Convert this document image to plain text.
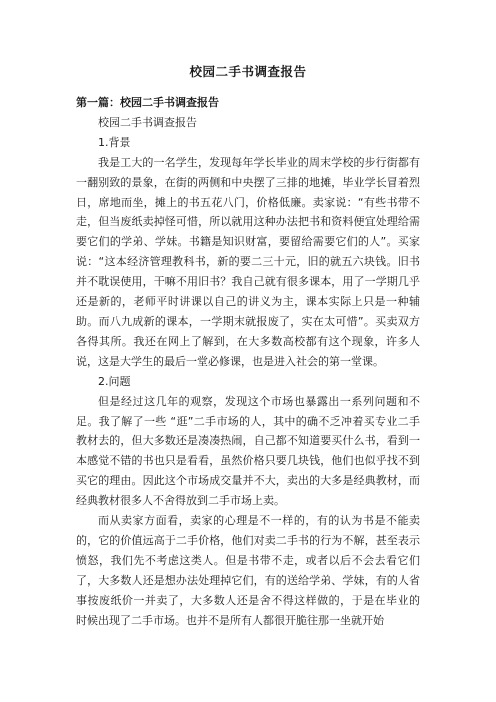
校园二手书调查报告

第一篇：校园二手书调查报告

校园二手书调查报告

1.背景

我是工大的一名学生，发现每年学长毕业的周末学校的步行街都有一翻别致的景象，在街的两侧和中央摆了三排的地摊，毕业学长冒着烈日，席地而坐，摊上的书五花八门，价格低廉。卖家说：“有些书带不走，但当废纸卖掉怪可惜，所以就用这种办法把书和资料便宜处理给需要它们的学弟、学妹。书籍是知识财富，要留给需要它们的人”。买家说：“这本经济管理教科书，新的要二三十元，旧的就五六块钱。旧书并不耽误使用，干嘛不用旧书？我自己就有很多课本，用了一学期几乎还是新的，老师平时讲课以自己的讲义为主，课本实际上只是一种辅助。而八九成新的课本，一学期末就报废了，实在太可惜”。买卖双方各得其所。我还在网上了解到，在大多数高校都有这个现象，许多人说，这是大学生的最后一堂必修课，也是进入社会的第一堂课。

2.问题

但是经过这几年的观察，发现这个市场也暴露出一系列问题和不足。我了解了一些 “逛”二手市场的人，其中的确不乏冲着买专业二手教材去的，但大多数还是凑凑热闹，自己都不知道要买什么书，看到一本感觉不错的书也只是看看，虽然价格只要几块钱，他们也似乎找不到买它的理由。因此这个市场成交量并不大，卖出的大多是经典教材，而经典教材很多人不舍得放到二手市场上卖。

而从卖家方面看，卖家的心理是不一样的，有的认为书是不能卖的，它的价值远高于二手价格，他们对卖二手书的行为不解，甚至表示愤怒，我们先不考虑这类人。但是书带不走，或者以后不会去看它们了，大多数人还是想办法处理掉它们，有的送给学弟、学妹，有的人省事按废纸价一并卖了，大多数人还是舍不得这样做的，于是在毕业的 时候出现了二手市场。也并不是所有人都很开脆往那一坐就开始
